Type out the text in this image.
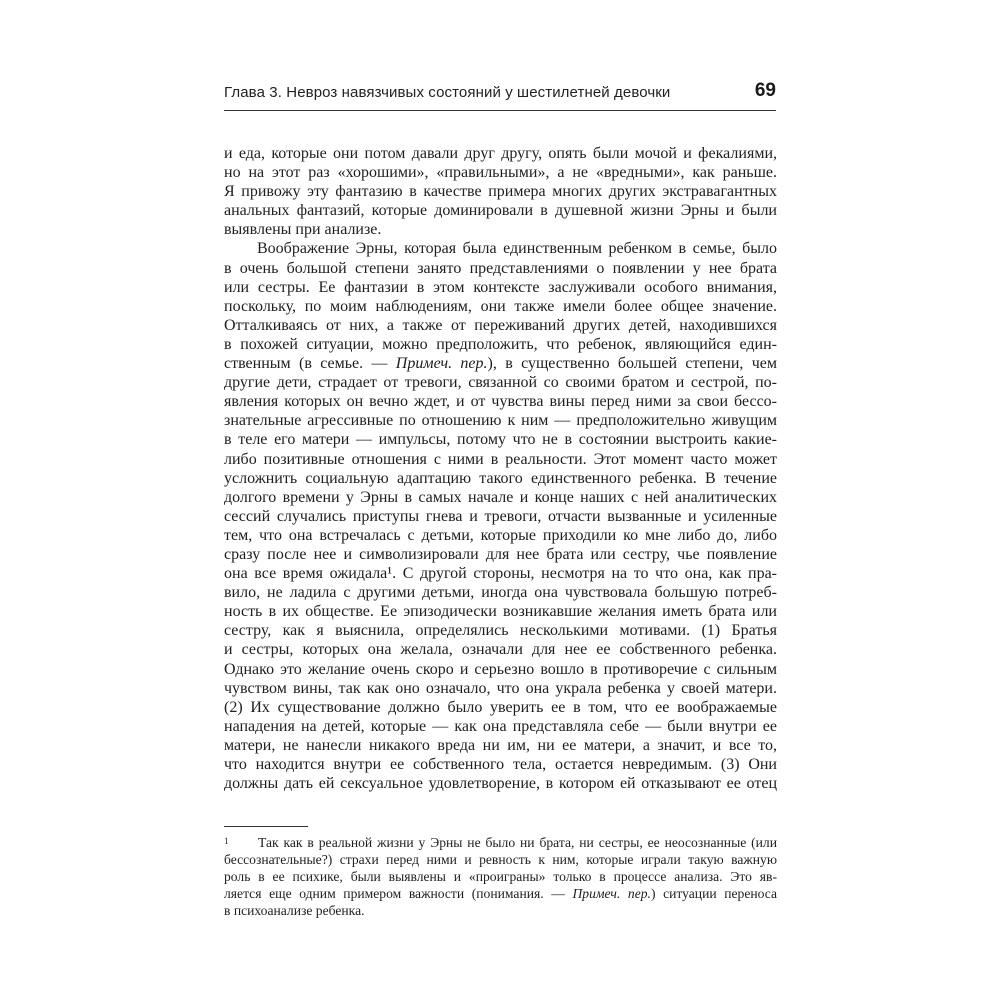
Глава 3. Невроз навязчивых состояний у шестилетней девочки	69
и еда, которые они потом давали друг другу, опять были мочой и фекалиями,
но на этот раз «хорошими», «правильными», а не «вредными», как раньше.
Я привожу эту фантазию в качестве примера многих других экстравагантных
анальных фантазий, которые доминировали в душевной жизни Эрны и были
выявлены при анализе.
Воображение Эрны, которая была единственным ребенком в семье, было
в очень большой степени занято представлениями о появлении у нее брата
или сестры. Ее фантазии в этом контексте заслуживали особого внимания,
поскольку, по моим наблюдениям, они также имели более общее значение.
Отталкиваясь от них, а также от переживаний других детей, находившихся
в похожей ситуации, можно предположить, что ребенок, являющийся един-
ственным (в семье. — Примеч. пер.), в существенно большей степени, чем
другие дети, страдает от тревоги, связанной со своими братом и сестрой, по-
явления которых он вечно ждет, и от чувства вины перед ними за свои бессо-
знательные агрессивные по отношению к ним — предположительно живущим
в теле его матери — импульсы, потому что не в состоянии выстроить какие-
либо позитивные отношения с ними в реальности. Этот момент часто может
усложнить социальную адаптацию такого единственного ребенка. В течение
долгого времени у Эрны в самых начале и конце наших с ней аналитических
сессий случались приступы гнева и тревоги, отчасти вызванные и усиленные
тем, что она встречалась с детьми, которые приходили ко мне либо до, либо
сразу после нее и символизировали для нее брата или сестру, чье появление
она все время ожидала¹. С другой стороны, несмотря на то что она, как пра-
вило, не ладила с другими детьми, иногда она чувствовала большую потреб-
ность в их обществе. Ее эпизодически возникавшие желания иметь брата или
сестру, как я выяснила, определялись несколькими мотивами. (1) Братья
и сестры, которых она желала, означали для нее ее собственного ребенка.
Однако это желание очень скоро и серьезно вошло в противоречие с сильным
чувством вины, так как оно означало, что она украла ребенка у своей матери.
(2) Их существование должно было уверить ее в том, что ее воображаемые
нападения на детей, которые — как она представляла себе — были внутри ее
матери, не нанесли никакого вреда ни им, ни ее матери, а значит, и все то,
что находится внутри ее собственного тела, остается невредимым. (3) Они
должны дать ей сексуальное удовлетворение, в котором ей отказывают ее отец
1	Так как в реальной жизни у Эрны не было ни брата, ни сестры, ее неосознанные (или
бессознательные?) страхи перед ними и ревность к ним, которые играли такую важную
роль в ее психике, были выявлены и «проиграны» только в процессе анализа. Это яв-
ляется еще одним примером важности (понимания. — Примеч. пер.) ситуации переноса
в психоанализе ребенка.
